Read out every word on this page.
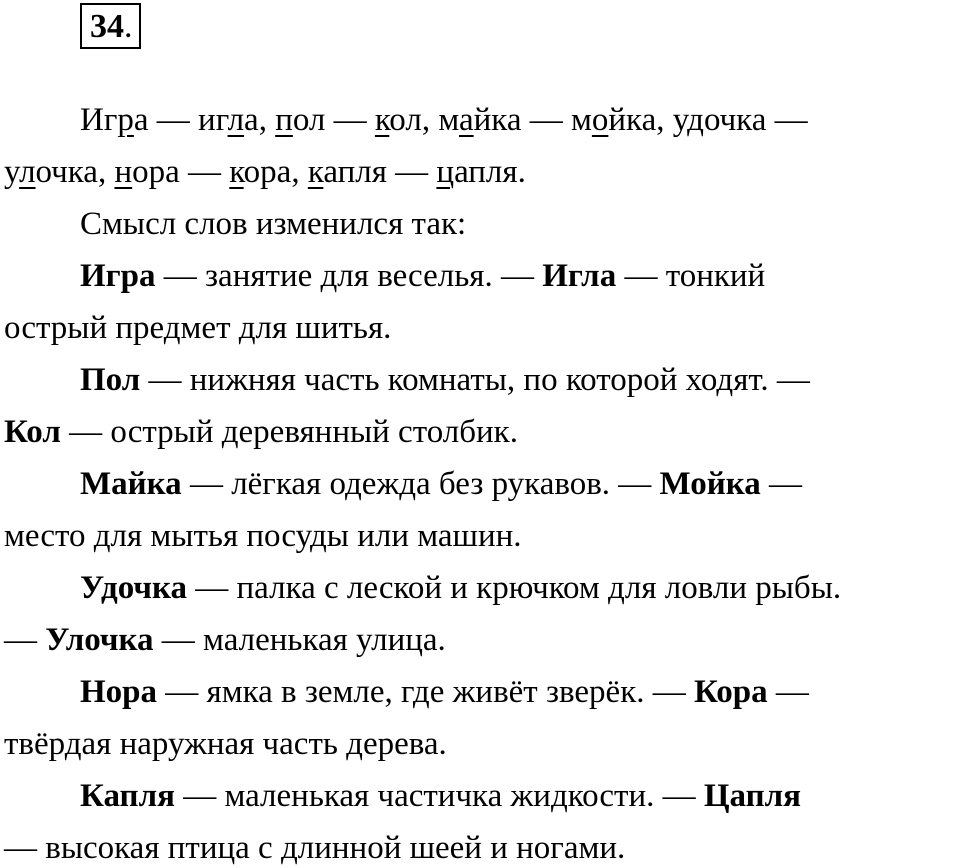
34.
Игра — игла, пол — кол, майка — мойка, удочка —
улочка, нора — кора, капля — цапля.
Смысл слов изменился так:
Игра — занятие для веселья. — Игла — тонкий
острый предмет для шитья.
Пол — нижняя часть комнаты, по которой ходят. —
Кол — острый деревянный столбик.
Майка — лёгкая одежда без рукавов. — Мойка —
место для мытья посуды или машин.
Удочка — палка с леской и крючком для ловли рыбы.
— Улочка — маленькая улица.
Нора — ямка в земле, где живёт зверёк. — Кора —
твёрдая наружная часть дерева.
Капля — маленькая частичка жидкости. — Цапля
— высокая птица с длинной шеей и ногами.
